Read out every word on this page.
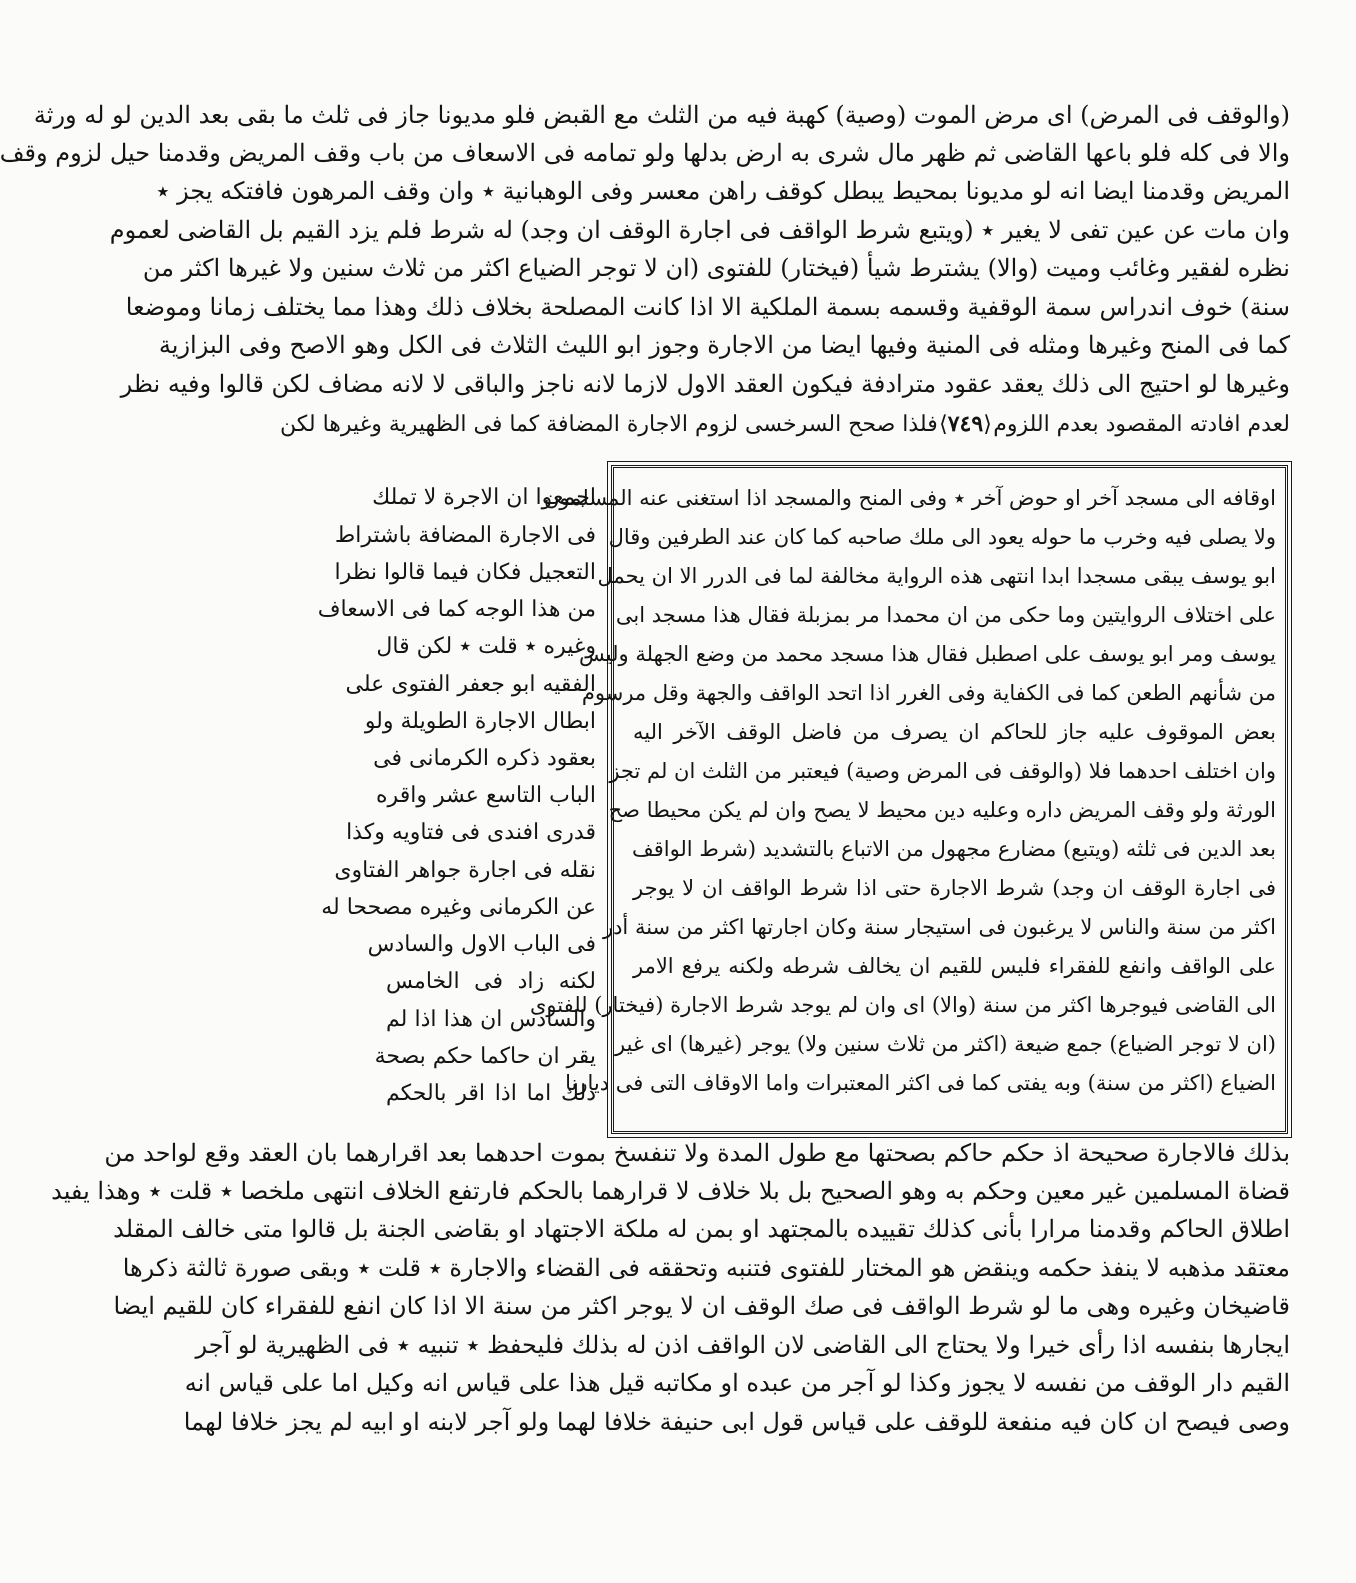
(والوقف فى المرض) اى مرض الموت (وصية) كهبة فيه من الثلث مع القبض فلو مديونا جاز فى ثلث ما بقى بعد الدين لو له ورثة
والا فى كله فلو باعها القاضى ثم ظهر مال شرى به ارض بدلها ولو تمامه فى الاسعاف من باب وقف المريض وقدمنا حيل لزوم وقف
المريض وقدمنا ايضا انه لو مديونا بمحيط يبطل كوقف راهن معسر وفى الوهبانية ٭ وان وقف المرهون فافتكه يجز ٭
وان مات عن عين تفى لا يغير ٭ (ويتبع شرط الواقف فى اجارة الوقف ان وجد) له شرط فلم يزد القيم بل القاضى لعموم
نظره لفقير وغائب وميت (والا) يشترط شيأ (فيختار) للفتوى (ان لا توجر الضياع اكثر من ثلاث سنين ولا غيرها اكثر من
سنة) خوف اندراس سمة الوقفية وقسمه بسمة الملكية الا اذا كانت المصلحة بخلاف ذلك وهذا مما يختلف زمانا وموضعا
كما فى المنح وغيرها ومثله فى المنية وفيها ايضا من الاجارة وجوز ابو الليث الثلاث فى الكل وهو الاصح وفى البزازية
وغيرها لو احتيج الى ذلك يعقد عقود مترادفة فيكون العقد الاول لازما لانه ناجز والباقى لا لانه مضاف لكن قالوا وفيه نظر
لعدم افادته المقصود بعدم اللزوم
⟨٧٤٩⟩
فلذا صحح السرخسى لزوم الاجارة المضافة كما فى الظهيرية وغيرها لكن
اوقافه الى مسجد آخر او حوض آخر ٭ وفى المنح والمسجد اذا استغنى عنه المسلمون
ولا يصلى فيه وخرب ما حوله يعود الى ملك صاحبه كما كان عند الطرفين وقال
ابو يوسف يبقى مسجدا ابدا انتهى هذه الرواية مخالفة لما فى الدرر الا ان يحمل
على اختلاف الروايتين وما حكى من ان محمدا مر بمزبلة فقال هذا مسجد ابى
يوسف ومر ابو يوسف على اصطبل فقال هذا مسجد محمد من وضع الجهلة وليس
من شأنهم الطعن كما فى الكفاية وفى الغرر اذا اتحد الواقف والجهة وقل مرسوم
بعض الموقوف عليه جاز للحاكم ان يصرف من فاضل الوقف الآخر اليه
وان اختلف احدهما فلا (والوقف فى المرض وصية) فيعتبر من الثلث ان لم تجز
الورثة ولو وقف المريض داره وعليه دين محيط لا يصح وان لم يكن محيطا صح
بعد الدين فى ثلثه (ويتبع) مضارع مجهول من الاتباع بالتشديد (شرط الواقف
فى اجارة الوقف ان وجد) شرط الاجارة حتى اذا شرط الواقف ان لا يوجر
اكثر من سنة والناس لا يرغبون فى استيجار سنة وكان اجارتها اكثر من سنة أدر
على الواقف وانفع للفقراء فليس للقيم ان يخالف شرطه ولكنه يرفع الامر
الى القاضى فيوجرها اكثر من سنة (والا) اى وان لم يوجد شرط الاجارة (فيختار) للفتوى
(ان لا توجر الضياع) جمع ضيعة (اكثر من ثلاث سنين ولا) يوجر (غيرها) اى غير
الضياع (اكثر من سنة) وبه يفتى كما فى اكثر المعتبرات واما الاوقاف التى فى ديارنا
اجمعوا ان الاجرة لا تملك
فى الاجارة المضافة باشتراط
التعجيل فكان فيما قالوا نظرا
من هذا الوجه كما فى الاسعاف
وغيره ٭ قلت ٭ لكن قال
الفقيه ابو جعفر الفتوى على
ابطال الاجارة الطويلة ولو
بعقود ذكره الكرمانى فى
الباب التاسع عشر واقره
قدرى افندى فى فتاويه وكذا
نقله فى اجارة جواهر الفتاوى
عن الكرمانى وغيره مصححا له
فى الباب الاول والسادس
لكنه زاد فى الخامس
والسادس ان هذا اذا لم
يقر ان حاكما حكم بصحة
ذلك اما اذا اقر بالحكم
بذلك فالاجارة صحيحة اذ حكم حاكم بصحتها مع طول المدة ولا تنفسخ بموت احدهما بعد اقرارهما بان العقد وقع لواحد من
قضاة المسلمين غير معين وحكم به وهو الصحيح بل بلا خلاف لا قرارهما بالحكم فارتفع الخلاف انتهى ملخصا ٭ قلت ٭ وهذا يفيد
اطلاق الحاكم وقدمنا مرارا بأنى كذلك تقييده بالمجتهد او بمن له ملكة الاجتهاد او بقاضى الجنة بل قالوا متى خالف المقلد
معتقد مذهبه لا ينفذ حكمه وينقض هو المختار للفتوى فتنبه وتحققه فى القضاء والاجارة ٭ قلت ٭ وبقى صورة ثالثة ذكرها
قاضيخان وغيره وهى ما لو شرط الواقف فى صك الوقف ان لا يوجر اكثر من سنة الا اذا كان انفع للفقراء كان للقيم ايضا
ايجارها بنفسه اذا رأى خيرا ولا يحتاج الى القاضى لان الواقف اذن له بذلك فليحفظ ٭ تنبيه ٭ فى الظهيرية لو آجر
القيم دار الوقف من نفسه لا يجوز وكذا لو آجر من عبده او مكاتبه قيل هذا على قياس انه وكيل اما على قياس انه
وصى فيصح ان كان فيه منفعة للوقف على قياس قول ابى حنيفة خلافا لهما ولو آجر لابنه او ابيه لم يجز خلافا لهما
